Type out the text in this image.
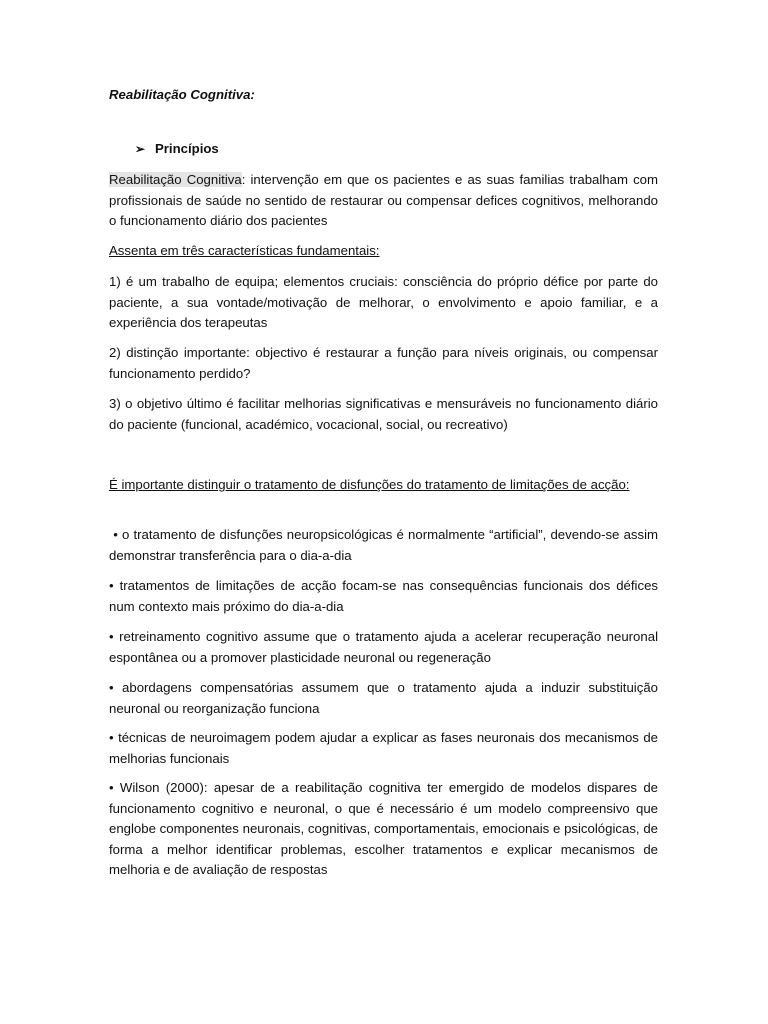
Reabilitação Cognitiva:
➢ Princípios
Reabilitação Cognitiva: intervenção em que os pacientes e as suas familias trabalham com profissionais de saúde no sentido de restaurar ou compensar defices cognitivos, melhorando o funcionamento diário dos pacientes
Assenta em três características fundamentais:
1) é um trabalho de equipa; elementos cruciais: consciência do próprio défice por parte do paciente, a sua vontade/motivação de melhorar, o envolvimento e apoio familiar, e a experiência dos terapeutas
2) distinção importante: objectivo é restaurar a função para níveis originais, ou compensar funcionamento perdido?
3) o objetivo último é facilitar melhorias significativas e mensuráveis no funcionamento diário do paciente (funcional, académico, vocacional, social, ou recreativo)
É importante distinguir o tratamento de disfunções do tratamento de limitações de acção:
• o tratamento de disfunções neuropsicológicas é normalmente “artificial”, devendo-se assim demonstrar transferência para o dia-a-dia
• tratamentos de limitações de acção focam-se nas consequências funcionais dos défices num contexto mais próximo do dia-a-dia
• retreinamento cognitivo assume que o tratamento ajuda a acelerar recuperação neuronal espontânea ou a promover plasticidade neuronal ou regeneração
• abordagens compensatórias assumem que o tratamento ajuda a induzir substituição neuronal ou reorganização funciona
• técnicas de neuroimagem podem ajudar a explicar as fases neuronais dos mecanismos de melhorias funcionais
• Wilson (2000): apesar de a reabilitação cognitiva ter emergido de modelos dispares de funcionamento cognitivo e neuronal, o que é necessário é um modelo compreensivo que englobe componentes neuronais, cognitivas, comportamentais, emocionais e psicológicas, de forma a melhor identificar problemas, escolher tratamentos e explicar mecanismos de melhoria e de avaliação de respostas
